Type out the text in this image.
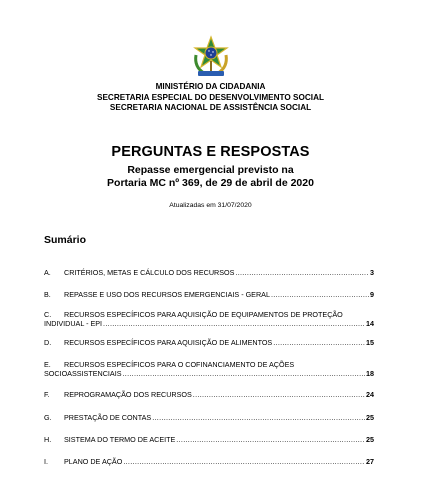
MINISTÉRIO DA CIDADANIA
SECRETARIA ESPECIAL DO DESENVOLVIMENTO SOCIAL
SECRETARIA NACIONAL DE ASSISTÊNCIA SOCIAL
PERGUNTAS E RESPOSTAS
Repasse emergencial previsto na
Portaria MC nº 369, de 29 de abril de 2020
Atualizadas em 31/07/2020
Sumário
A.	CRITÉRIOS, METAS E CÁLCULO DOS RECURSOS .....	3
B.	REPASSE E USO DOS RECURSOS EMERGENCIAIS - GERAL .....	9
C.	RECURSOS ESPECÍFICOS PARA AQUISIÇÃO DE EQUIPAMENTOS DE PROTEÇÃO
INDIVIDUAL - EPI .....	14
D.	RECURSOS ESPECÍFICOS PARA AQUISIÇÃO DE ALIMENTOS .....	15
E.	RECURSOS ESPECÍFICOS PARA O COFINANCIAMENTO DE AÇÕES
SOCIOASSISTENCIAIS .....	18
F.	REPROGRAMAÇÃO DOS RECURSOS .....	24
G.	PRESTAÇÃO DE CONTAS .....	25
H.	SISTEMA DO TERMO DE ACEITE .....	25
I.	PLANO DE AÇÃO .....	27
